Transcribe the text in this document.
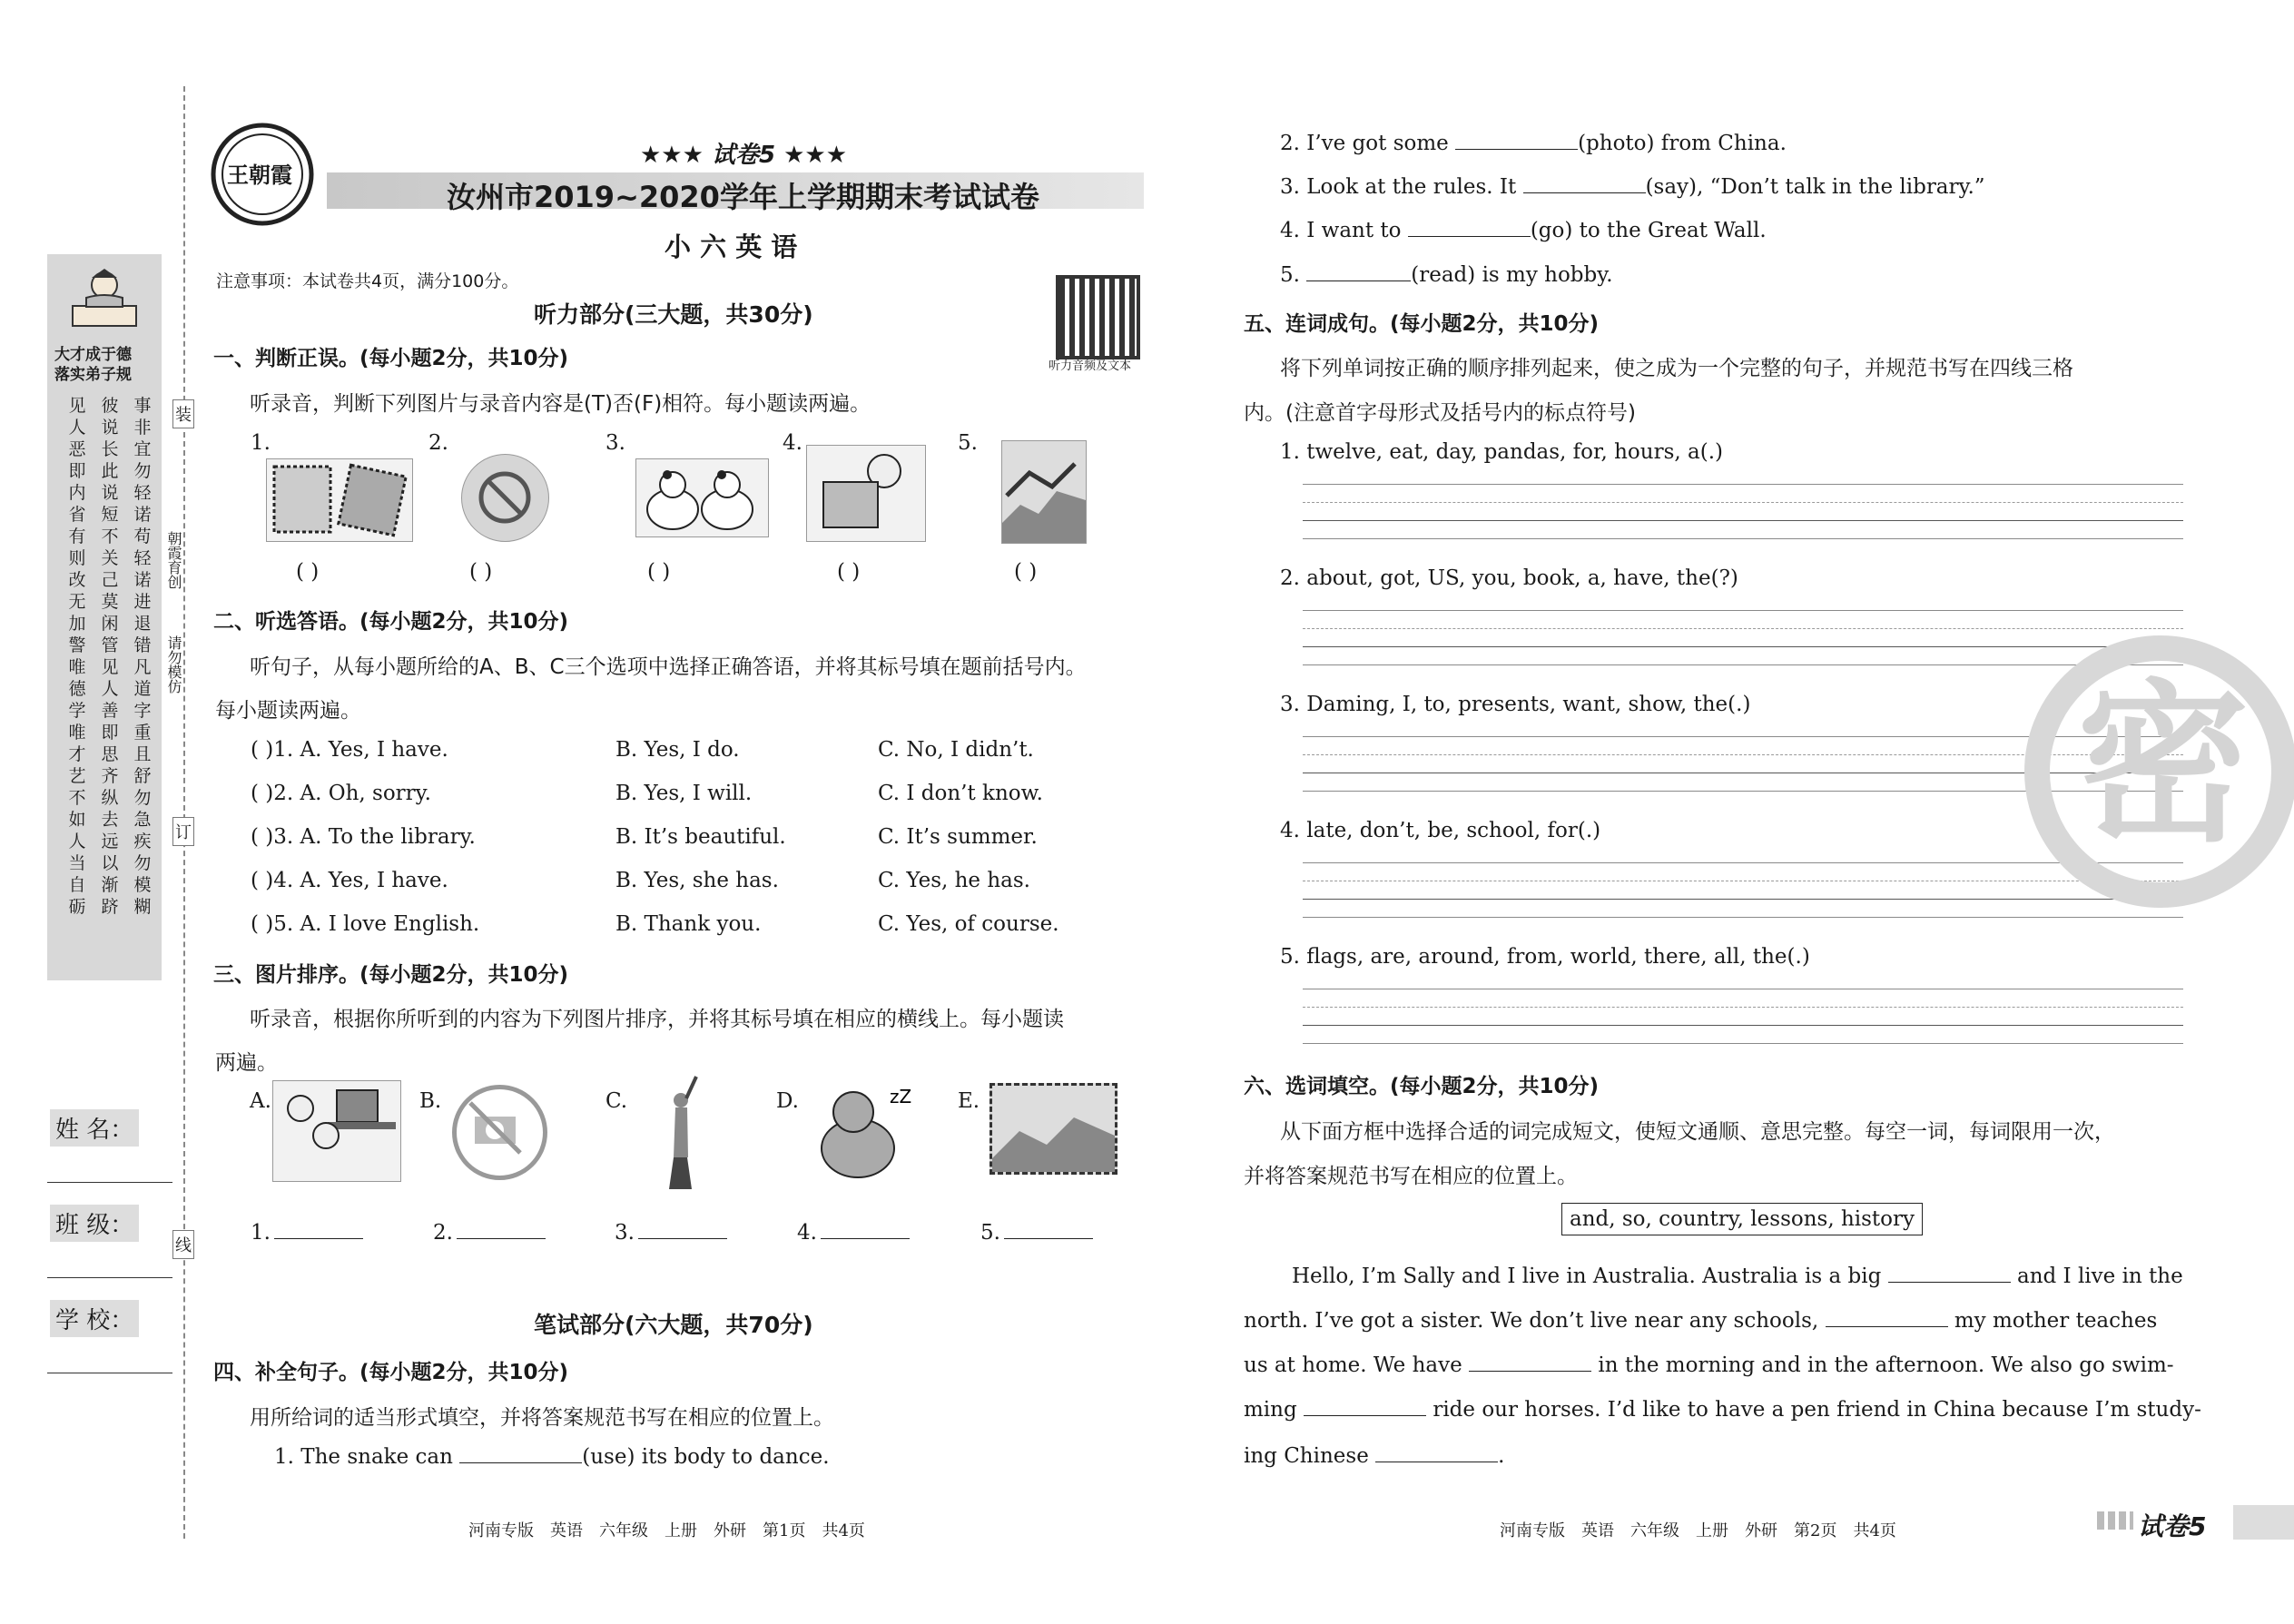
大才成于德
落实弟子规
见人恶即内省有则改无加警唯德学唯才艺不如人当自砺
彼说长此说短不关己莫闲管见人善即思齐纵去远以渐跻
事非宜勿轻诺苟轻诺进退错凡道字重且舒勿急疾勿模糊
装
订
线
朝霞育创
请勿模仿
姓 名：
班 级：
学 校：
王朝霞
★★★ 试卷5 ★★★
汝州市2019~2020学年上学期期末考试试卷
小 六 英 语
注意事项：本试卷共4页，满分100分。
听力音频及文本
听力部分(三大题，共30分)
一、判断正误。(每小题2分，共10分)
听录音，判断下列图片与录音内容是(T)否(F)相符。每小题读两遍。
1.	2.	3.	4.	5.
( )	( )	( )	( )	( )
二、听选答语。(每小题2分，共10分)
听句子，从每小题所给的A、B、C三个选项中选择正确答语，并将其标号填在题前括号内。
每小题读两遍。
( )1. A. Yes, I have.	B. Yes, I do.	C. No, I didn’t.
( )2. A. Oh, sorry.	B. Yes, I will.	C. I don’t know.
( )3. A. To the library.	B. It’s beautiful.	C. It’s summer.
( )4. A. Yes, I have.	B. Yes, she has.	C. Yes, he has.
( )5. A. I love English.	B. Thank you.	C. Yes, of course.
三、图片排序。(每小题2分，共10分)
听录音，根据你所听到的内容为下列图片排序，并将其标号填在相应的横线上。每小题读
两遍。
A.	B.	C.	D.	zZ E.
1.	2.	3.	4.	5.
笔试部分(六大题，共70分)
四、补全句子。(每小题2分，共10分)
用所给词的适当形式填空，并将答案规范书写在相应的位置上。
1. The snake can	(use) its body to dance.
2. I’ve got some	(photo) from China.
3. Look at the rules. It	(say), “Don’t talk in the library.”
4. I want to	(go) to the Great Wall.
5.	(read) is my hobby.
五、连词成句。(每小题2分，共10分)
将下列单词按正确的顺序排列起来，使之成为一个完整的句子，并规范书写在四线三格
内。(注意首字母形式及括号内的标点符号)
1. twelve, eat, day, pandas, for, hours, a(.)
2. about, got, US, you, book, a, have, the(?)
3. Daming, I, to, presents, want, show, the(.)
4. late, don’t, be, school, for(.)
5. flags, are, around, from, world, there, all, the(.)
六、选词填空。(每小题2分，共10分)
从下面方框中选择合适的词完成短文，使短文通顺、意思完整。每空一词，每词限用一次，
并将答案规范书写在相应的位置上。
and, so, country, lessons, history
Hello, I’m Sally and I live in Australia. Australia is a big	and I live in the
north. I’ve got a sister. We don’t live near any schools,	my mother teaches
us at home. We have	in the morning and in the afternoon. We also go swim-
ming	ride our horses. I’d like to have a pen friend in China because I’m study-
ing Chinese	.
密
河南专版　英语　六年级　上册　外研　第1页　共4页	河南专版　英语　六年级　上册　外研　第2页　共4页	试卷5
